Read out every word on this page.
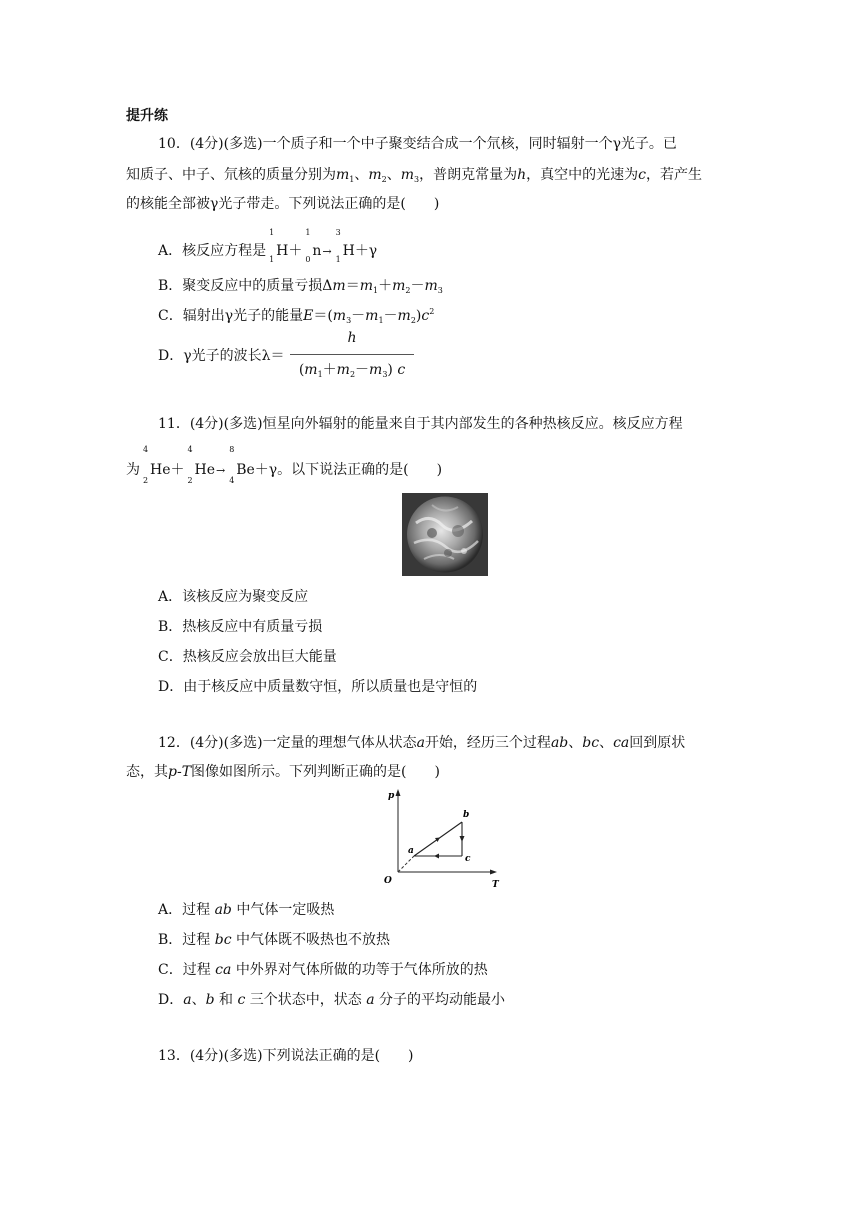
提升练
10．(4分)(多选)一个质子和一个中子聚变结合成一个氘核，同时辐射一个γ光子。已
知质子、中子、氘核的质量分别为$m_1$、$m_2$、$m_3$，普朗克常量为h，真空中的光速为c，若产生
的核能全部被γ光子带走。下列说法正确的是(　　)
A．核反应方程是
1
H
1
＋
1
n
0
→
3
H
1
＋γ
B．聚变反应中的质量亏损$\Delta m=m_1+m_2-m_3$
C．辐射出γ光子的能量$E=(m_3-m_1-m_2)c^2$
D．γ光子的波长λ＝
h
$(m_1+m_2-m_3)$ c
11．(4分)(多选)恒星向外辐射的能量来自于其内部发生的各种热核反应。核反应方程
为
4
He
2
＋
4
He
2
→
8
Be
4
＋γ。以下说法正确的是(　　)
A．该核反应为聚变反应
B．热核反应中有质量亏损
C．热核反应会放出巨大能量
D．由于核反应中质量数守恒，所以质量也是守恒的
12．(4分)(多选)一定量的理想气体从状态a开始，经历三个过程ab、bc、ca回到原状
态，其p-T图像如图所示。下列判断正确的是(　　)
p
O	T
a
b
c
A．过程 ab 中气体一定吸热
B．过程 bc 中气体既不吸热也不放热
C．过程 ca 中外界对气体所做的功等于气体所放的热
D．a、b 和 c 三个状态中，状态 a 分子的平均动能最小
13．(4分)(多选)下列说法正确的是(　　)
